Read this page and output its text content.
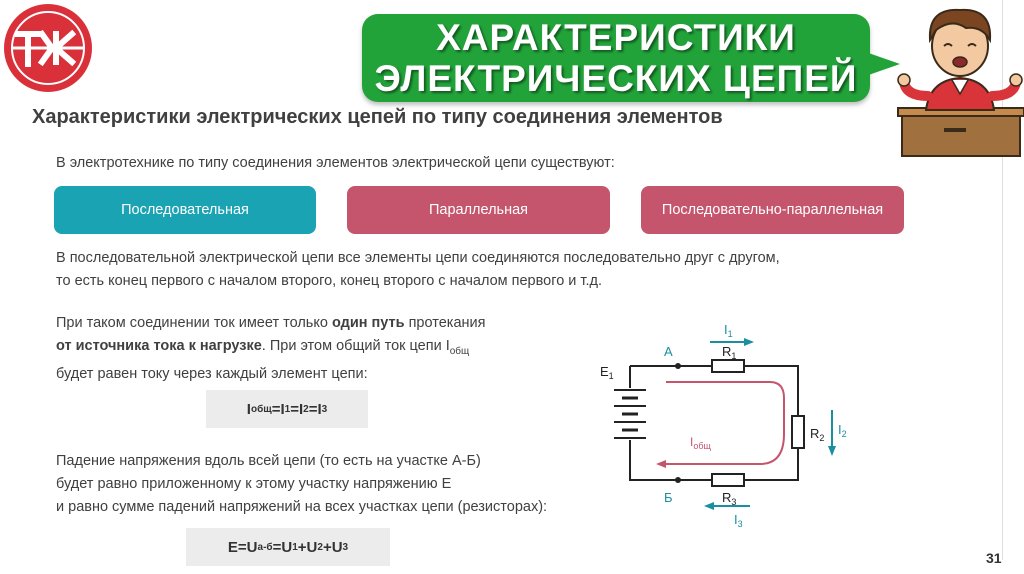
ХАРАКТЕРИСТИКИ
ЭЛЕКТРИЧЕСКИХ ЦЕПЕЙ
Характеристики электрических цепей по типу соединения элементов
В электротехнике по типу соединения элементов электрической цепи существуют:
Последовательная	Параллельная	Последовательно-параллельная
В последовательной электрической цепи все элементы цепи соединяются последовательно друг с другом,
то есть конец первого с началом второго, конец второго с началом первого и т.д.
При таком соединении ток имеет только один путь протекания
от источника тока к нагрузке. При этом общий ток цепи $I_{общ}$
будет равен току через каждый элемент цепи:
I общ = I 1 = I 2 = I 3
Падение напряжения вдоль всей цепи (то есть на участке А-Б)
будет равно приложенному к этому участку напряжению Е
и равно сумме падений напряжений на всех участках цепи (резисторах):
E = U а-б = U 1 + U 2 + U 3
$E_1$
А
Б
$R_1$
$R_2$
$R_3$
$I_1$
$I_2$
$I_3$
$I_{общ}$
31
